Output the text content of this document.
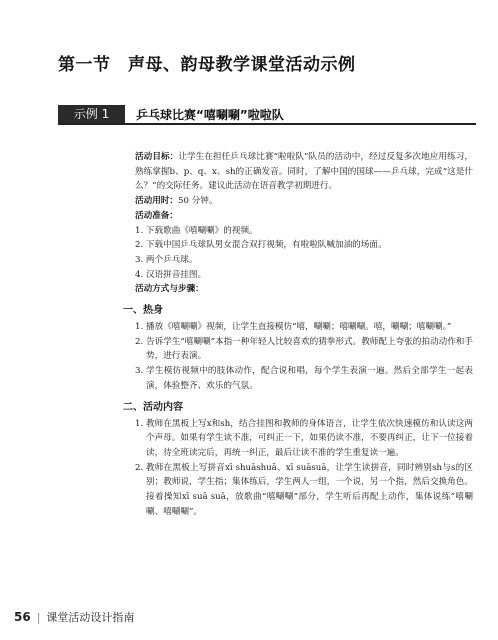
第一节　声母、韵母教学课堂活动示例
示例 1	乒乓球比赛“嘻唰唰”啦啦队

活动目标：让学生在担任乒乓球比赛“啦啦队”队员的活动中，经过反复多次地应用练习，熟练掌握b、p、q、x、sh的正确发音。同时，了解中国的国球——乒乓球，完成“这是什么？”的交际任务。建议此活动在语音教学初期进行。

活动用时：50 分钟。

活动准备：

1. 下载歌曲《嘻唰唰》的视频。

2. 下载中国乒乓球队男女混合双打视频，有啦啦队喊加油的场面。

3. 两个乒乓球。

4. 汉语拼音挂图。

活动方式与步骤：

一、热身
1. 播放《嘻唰唰》视频，让学生直接模仿“嘻，唰唰；嘻唰唰。嘻，唰唰；嘻唰唰。”
2. 告诉学生“嘻唰唰”本指一种年轻人比较喜欢的猜拳形式。教师配上夸张的拍动动作和手势，进行表演。
3. 学生模仿视频中的肢体动作，配合说和唱，每个学生表演一遍。然后全部学生一起表演，体验整齐、欢乐的气氛。
二、活动内容
1. 教师在黑板上写x和sh，结合挂图和教师的身体语言，让学生依次快速模仿和认读这两个声母。如果有学生读不准，可纠正一下，如果仍读不准，不要再纠正，让下一位接着读，待全班读完后，再统一纠正，最后让读不准的学生重复读一遍。
2. 教师在黑板上写拼音xī shuāshuā、xī suāsuā，让学生读拼音，同时辨别sh与s的区别；教师说，学生指；集体练后，学生两人一组，一个说，另一个指，然后交换角色。接着操知xī suā suā，放歌曲“嘻唰唰”部分，学生听后再配上动作，集体说练“嘻唰唰、嘻唰唰”。
56 | 课堂活动设计指南
